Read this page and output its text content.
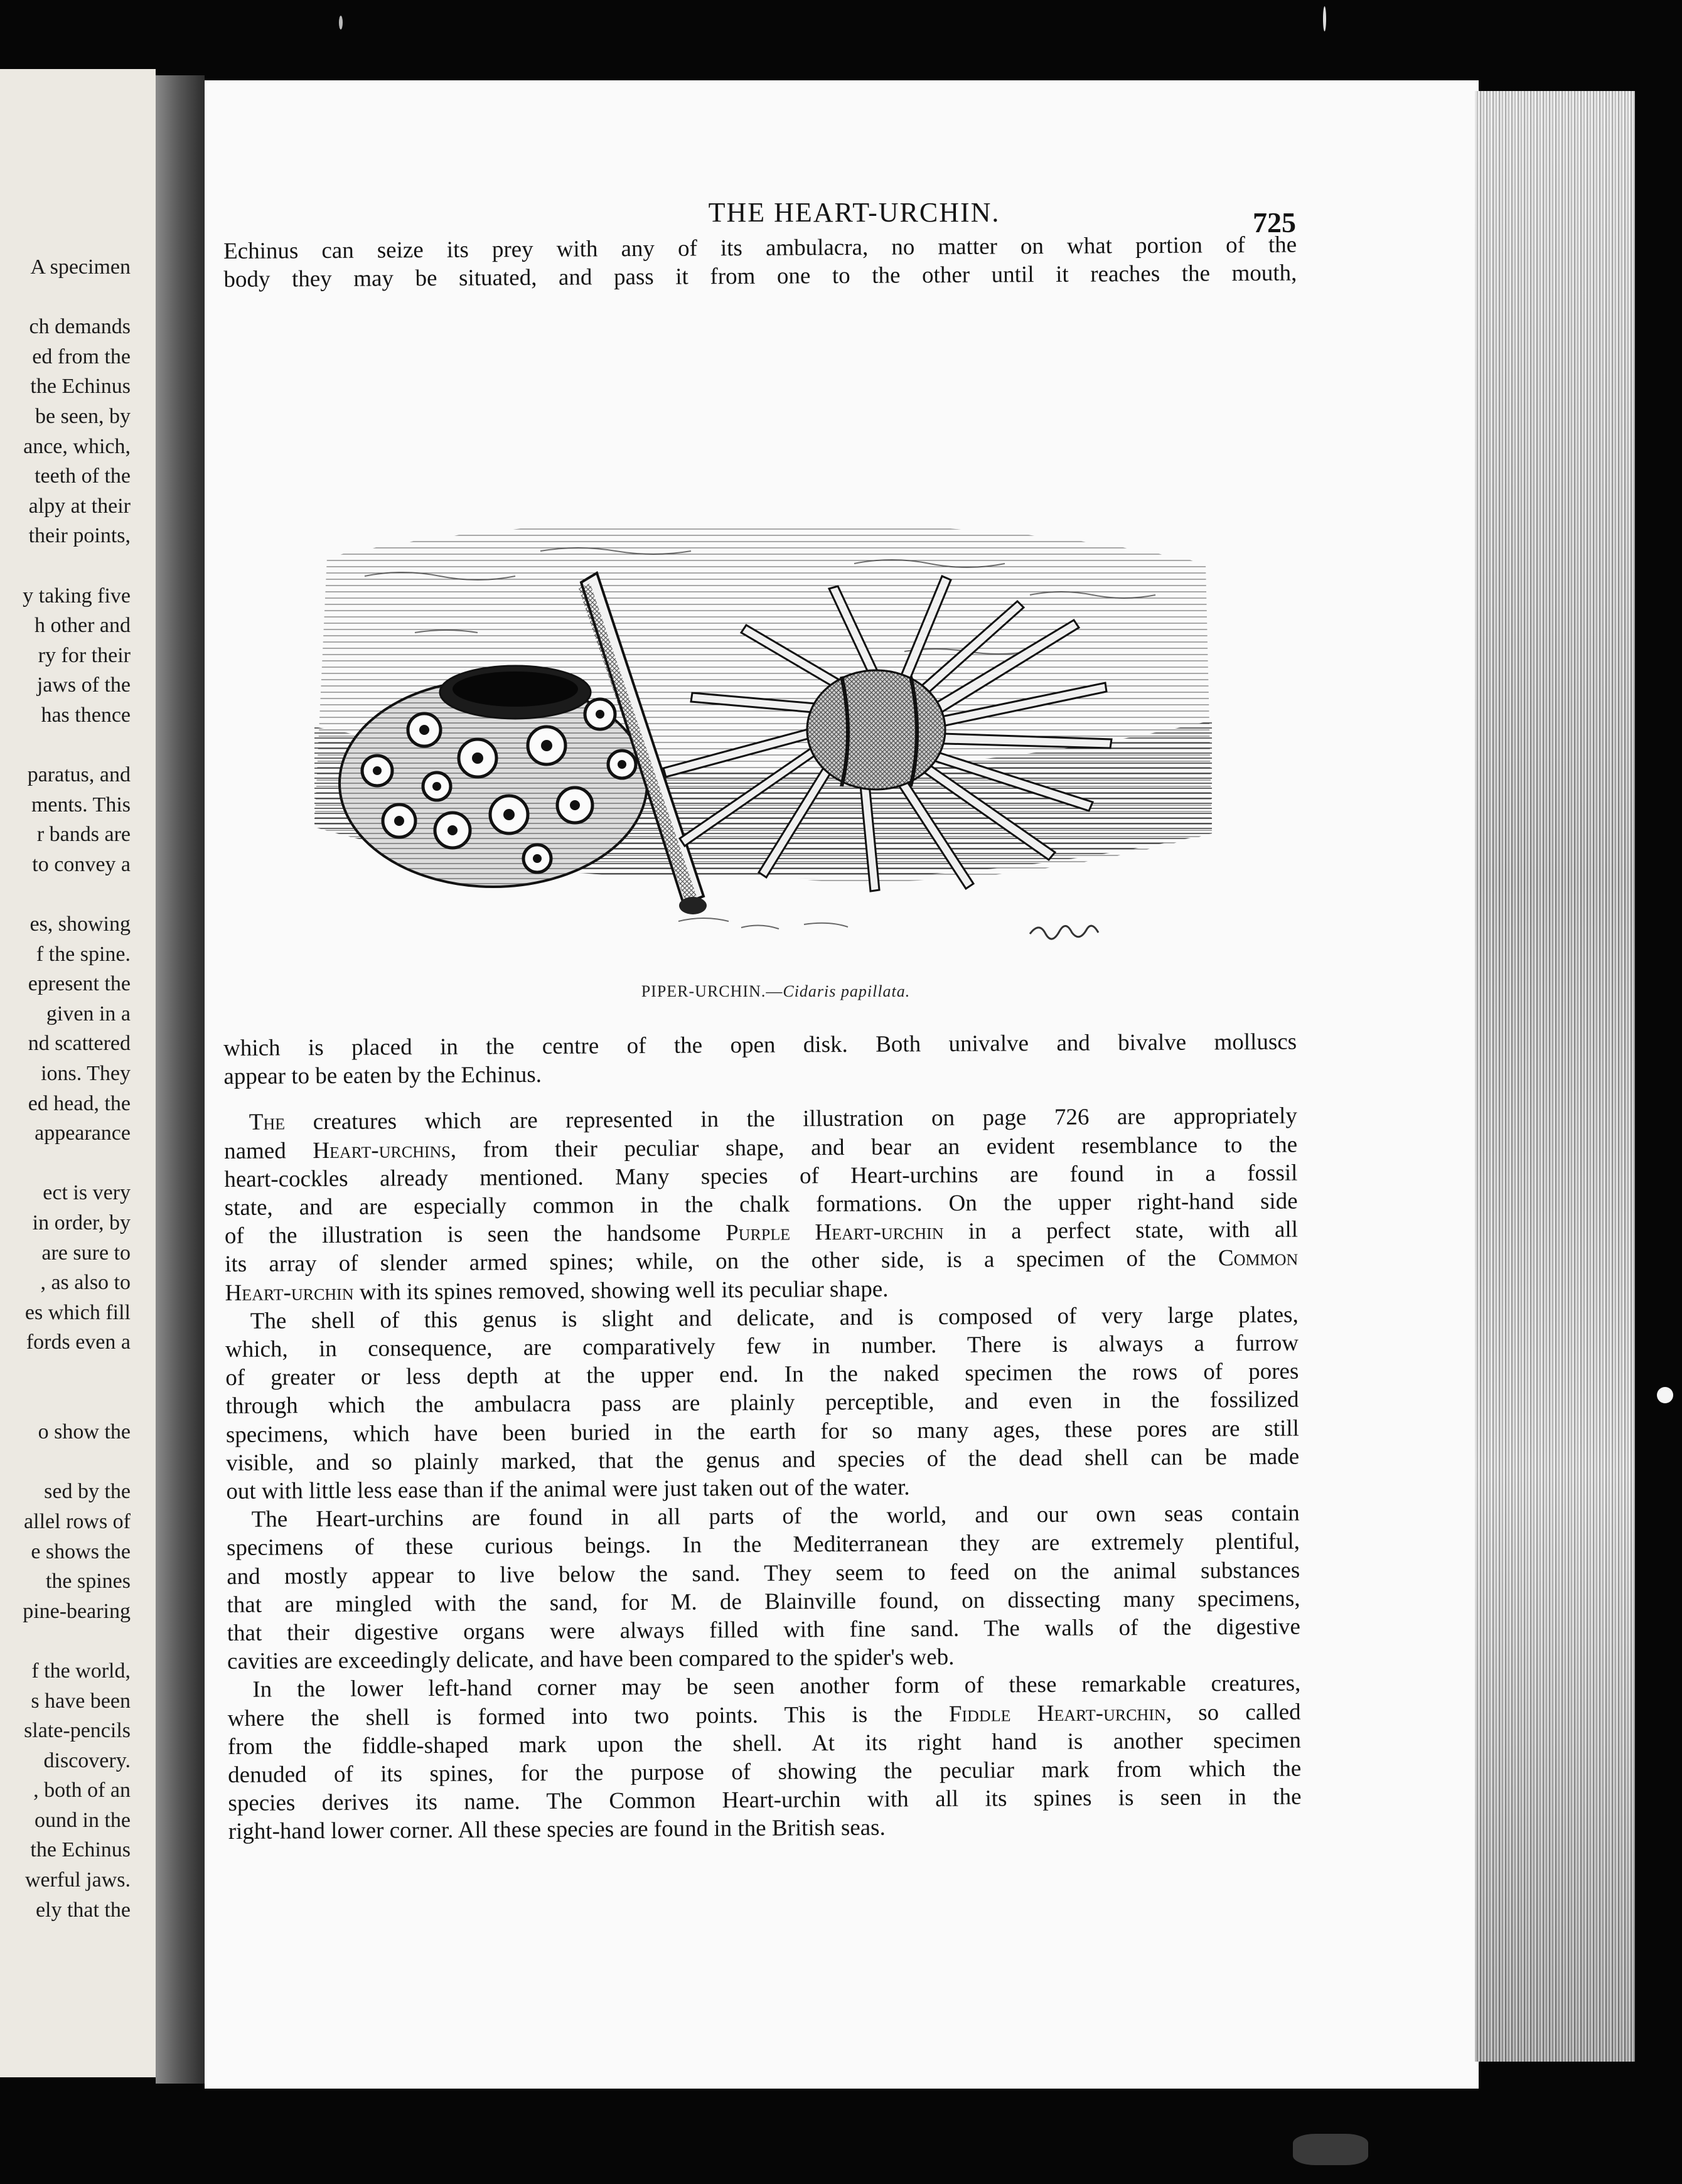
A specimen

ch demands
ed from the
the Echinus
be seen, by
ance, which,
teeth of the
alpy at their
their points,

y taking five
h other and
ry for their
jaws of the
has thence

paratus, and
ments. This
r bands are
to convey a

es, showing
f the spine.
epresent the
given in a
nd scattered
ions. They
ed head, the
appearance

ect is very
in order, by
are sure to
, as also to
es which fill
fords even a

o show the

sed by the
allel rows of
e shows the
the spines
pine-bearing

f the world,
s have been
slate-pencils
discovery.
, both of an
ound in the
the Echinus
werful jaws.
ely that the
THE HEART-URCHIN.	725
Echinus can seize its prey with any of its ambulacra, no matter on what portion of the
body they may be situated, and pass it from one to the other until it reaches the mouth,
PIPER-URCHIN.—Cidaris papillata.
which is placed in the centre of the open disk. Both univalve and bivalve molluscs
appear to be eaten by the Echinus.
The creatures which are represented in the illustration on page 726 are appropriately
named Heart-urchins, from their peculiar shape, and bear an evident resemblance to the
heart-cockles already mentioned. Many species of Heart-urchins are found in a fossil
state, and are especially common in the chalk formations. On the upper right-hand side
of the illustration is seen the handsome Purple Heart-urchin in a perfect state, with all
its array of slender armed spines; while, on the other side, is a specimen of the Common
Heart-urchin with its spines removed, showing well its peculiar shape.
The shell of this genus is slight and delicate, and is composed of very large plates,
which, in consequence, are comparatively few in number. There is always a furrow
of greater or less depth at the upper end. In the naked specimen the rows of pores
through which the ambulacra pass are plainly perceptible, and even in the fossilized
specimens, which have been buried in the earth for so many ages, these pores are still
visible, and so plainly marked, that the genus and species of the dead shell can be made
out with little less ease than if the animal were just taken out of the water.
The Heart-urchins are found in all parts of the world, and our own seas contain
specimens of these curious beings. In the Mediterranean they are extremely plentiful,
and mostly appear to live below the sand. They seem to feed on the animal substances
that are mingled with the sand, for M. de Blainville found, on dissecting many specimens,
that their digestive organs were always filled with fine sand. The walls of the digestive
cavities are exceedingly delicate, and have been compared to the spider's web.
In the lower left-hand corner may be seen another form of these remarkable creatures,
where the shell is formed into two points. This is the Fiddle Heart-urchin, so called
from the fiddle-shaped mark upon the shell. At its right hand is another specimen
denuded of its spines, for the purpose of showing the peculiar mark from which the
species derives its name. The Common Heart-urchin with all its spines is seen in the
right-hand lower corner. All these species are found in the British seas.
